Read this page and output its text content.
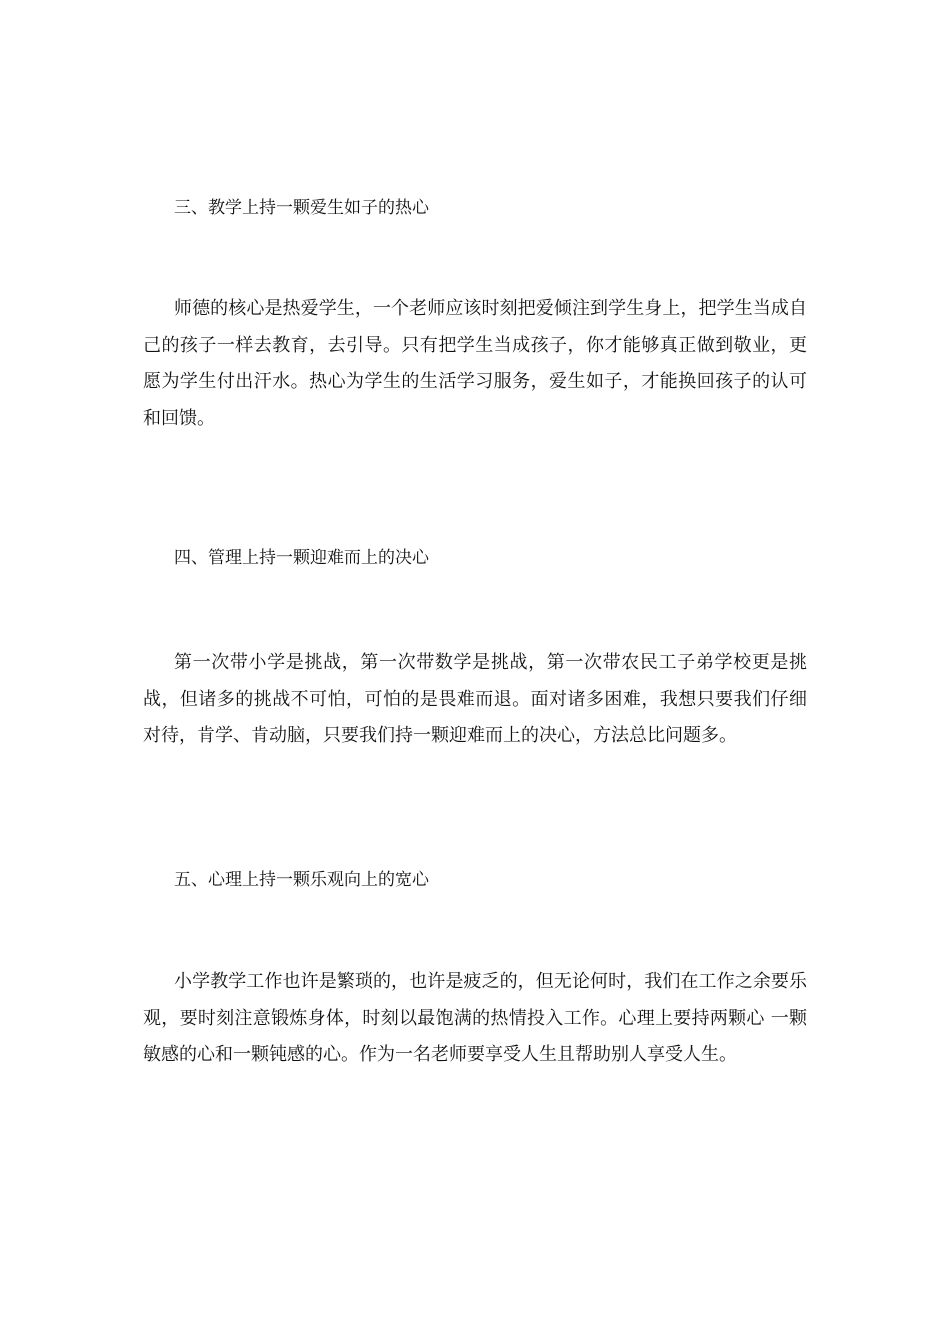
三、教学上持一颗爱生如子的热心

师德的核心是热爱学生，一个老师应该时刻把爱倾注到学生身上，把学生当成自己的孩子一样去教育，去引导。只有把学生当成孩子，你才能够真正做到敬业，更愿为学生付出汗水。热心为学生的生活学习服务，爱生如子，才能换回孩子的认可和回馈。

四、管理上持一颗迎难而上的决心

第一次带小学是挑战，第一次带数学是挑战，第一次带农民工子弟学校更是挑战，但诸多的挑战不可怕，可怕的是畏难而退。面对诸多困难，我想只要我们仔细对待，肯学、肯动脑，只要我们持一颗迎难而上的决心，方法总比问题多。

五、心理上持一颗乐观向上的宽心

小学教学工作也许是繁琐的，也许是疲乏的，但无论何时，我们在工作之余要乐观，要时刻注意锻炼身体，时刻以最饱满的热情投入工作。心理上要持两颗心 一颗敏感的心和一颗钝感的心。作为一名老师要享受人生且帮助别人享受人生。
